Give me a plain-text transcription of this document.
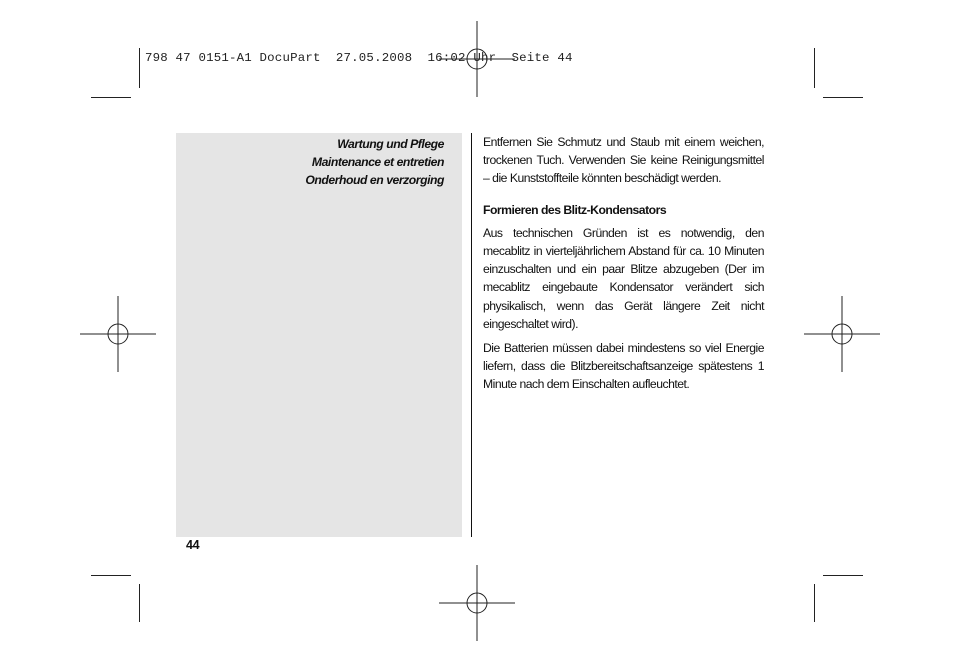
798 47 0151-A1 DocuPart  27.05.2008  16:02 Uhr  Seite 44
Wartung und Pflege
Maintenance et entretien
Onderhoud en verzorging

Entfernen Sie Schmutz und Staub mit einem weichen, trockenen Tuch. Verwenden Sie keine Reinigungsmittel – die Kunststoffteile könnten beschädigt werden.

Formieren des Blitz-Kondensators

Aus technischen Gründen ist es notwendig, den mecablitz in vierteljährlichem Abstand für ca. 10 Minuten einzuschalten und ein paar Blitze abzugeben (Der im mecablitz eingebaute Kondensator verändert sich physikalisch, wenn das Gerät längere Zeit nicht eingeschaltet wird).

Die Batterien müssen dabei mindestens so viel Energie liefern, dass die Blitzbereitschaftsanzeige spätestens 1 Minute nach dem Einschalten aufleuchtet.

44
